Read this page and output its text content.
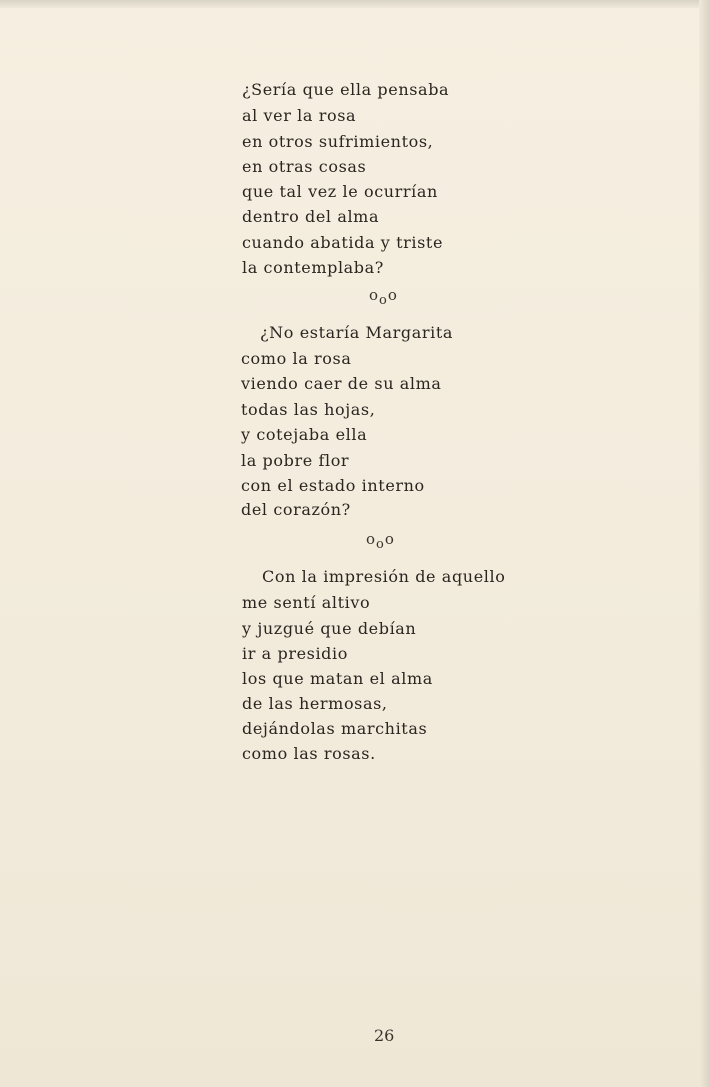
¿Sería que ella pensaba
al ver la rosa
en otros sufrimientos,
en otras cosas
que tal vez le ocurrían
dentro del alma
cuando abatida y triste
la contemplaba?
ooo
¿No estaría Margarita
como la rosa
viendo caer de su alma
todas las hojas,
y cotejaba ella
la pobre flor
con el estado interno
del corazón?
ooo
Con la impresión de aquello
me sentí altivo
y juzgué que debían
ir a presidio
los que matan el alma
de las hermosas,
dejándolas marchitas
como las rosas.
26
